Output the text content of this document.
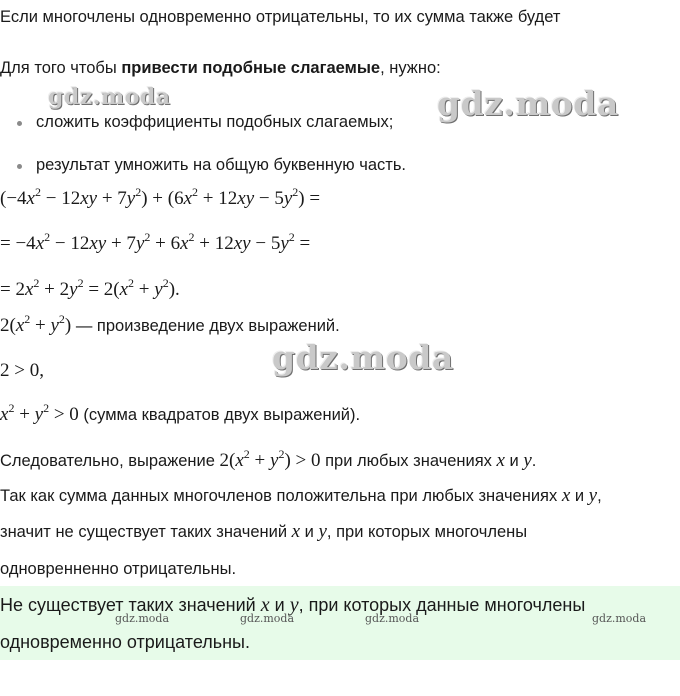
Если многочлены одновременно отрицательны, то их сумма также будет
Для того чтобы привести подобные слагаемые, нужно:
сложить коэффициенты подобных слагаемых;
результат умножить на общую буквенную часть.
$(-4x^2 - 12xy + 7y^2) + (6x^2 + 12xy - 5y^2)$ =
= $-4x^2 - 12xy + 7y^2 + 6x^2 + 12xy - 5y^2$ =
= $2x^2 + 2y^2 = 2(x^2 + y^2)$.
$2(x^2 + y^2)$ — произведение двух выражений.
2 > 0,
$x^2 + y^2 > 0$ (сумма квадратов двух выражений).
Следовательно, выражение $2(x^2 + y^2) > 0$ при любых значениях x и y.
Так как сумма данных многочленов положительна при любых значениях x и y,
значит не существует таких значений x и y, при которых многочлены
одновренненно отрицательны.
Не существует таких значений x и y, при которых данные многочлены
одновременно отрицательны.
gdz.moda	gdz.moda
gdz.moda
gdz.moda	gdz.moda	gdz.moda	gdz.moda
